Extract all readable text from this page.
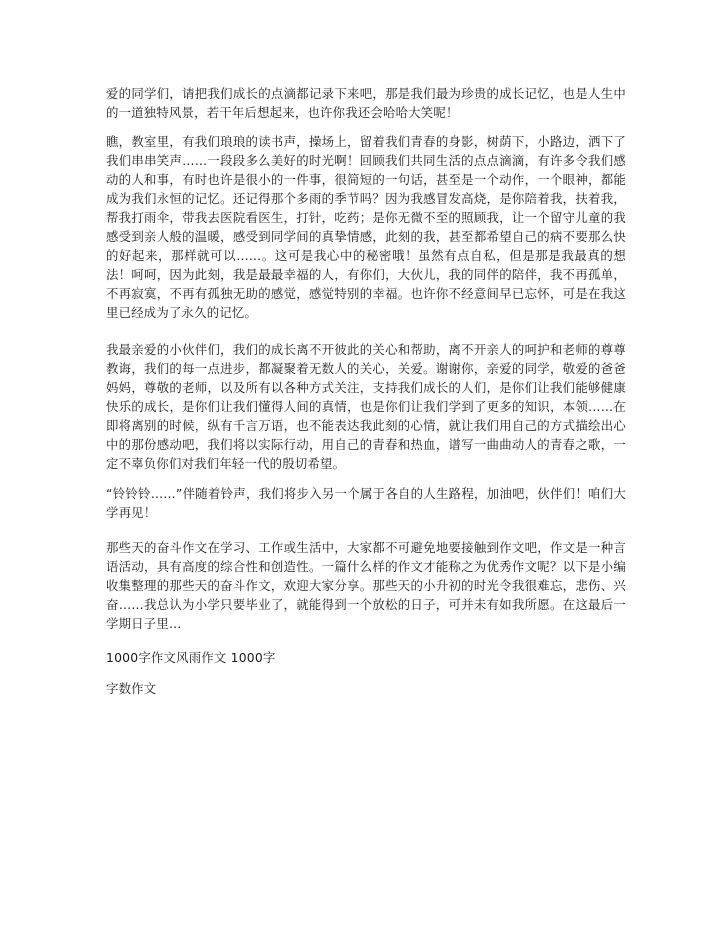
爱的同学们，请把我们成长的点滴都记录下来吧，那是我们最为珍贵的成长记忆，也是人生中的一道独特风景，若干年后想起来，也许你我还会哈哈大笑呢！

瞧，教室里，有我们琅琅的读书声，操场上，留着我们青春的身影，树荫下，小路边，洒下了我们串串笑声……一段段多么美好的时光啊！回顾我们共同生活的点点滴滴，有许多令我们感动的人和事，有时也许是很小的一件事，很简短的一句话，甚至是一个动作，一个眼神，都能成为我们永恒的记忆。还记得那个多雨的季节吗？因为我感冒发高烧，是你陪着我，扶着我，帮我打雨伞，带我去医院看医生，打针，吃药；是你无微不至的照顾我，让一个留守儿童的我感受到亲人般的温暖，感受到同学间的真挚情感，此刻的我，甚至都希望自己的病不要那么快的好起来，那样就可以……。这可是我心中的秘密哦！虽然有点自私，但是那是我最真的想法！呵呵，因为此刻，我是最最幸福的人，有你们，大伙儿，我的同伴的陪伴，我不再孤单，不再寂寞，不再有孤独无助的感觉，感觉特别的幸福。也许你不经意间早已忘怀，可是在我这里已经成为了永久的记忆。

我最亲爱的小伙伴们，我们的成长离不开彼此的关心和帮助，离不开亲人的呵护和老师的尊尊教诲，我们的每一点进步，都凝聚着无数人的关心，关爱。谢谢你，亲爱的同学，敬爱的爸爸妈妈，尊敬的老师，以及所有以各种方式关注，支持我们成长的人们，是你们让我们能够健康快乐的成长，是你们让我们懂得人间的真情，也是你们让我们学到了更多的知识，本领……在即将离别的时候，纵有千言万语，也不能表达我此刻的心情，就让我们用自己的方式描绘出心中的那份感动吧，我们将以实际行动，用自己的青春和热血，谱写一曲曲动人的青春之歌，一定不辜负你们对我们年轻一代的殷切希望。

“铃铃铃……”伴随着铃声，我们将步入另一个属于各自的人生路程，加油吧，伙伴们！咱们大学再见！

那些天的奋斗作文在学习、工作或生活中，大家都不可避免地要接触到作文吧，作文是一种言语活动，具有高度的综合性和创造性。一篇什么样的作文才能称之为优秀作文呢？以下是小编收集整理的那些天的奋斗作文，欢迎大家分享。那些天的小升初的时光令我很难忘，悲伤、兴奋……我总认为小学只要毕业了，就能得到一个放松的日子，可并未有如我所愿。在这最后一学期日子里...

1000字作文风雨作文 1000字

字数作文
